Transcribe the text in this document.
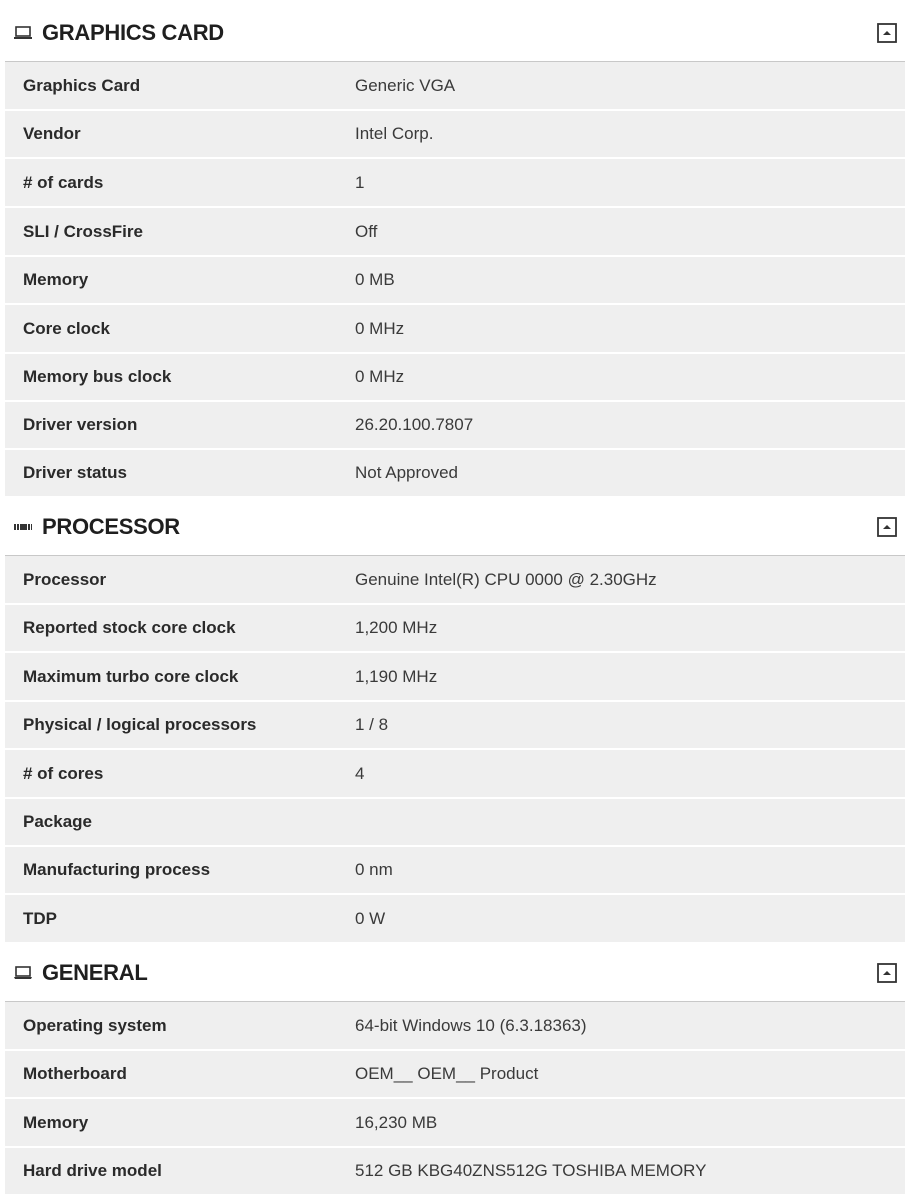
GRAPHICS CARD
Graphics Card	Generic VGA
Vendor	Intel Corp.
# of cards	1
SLI / CrossFire	Off
Memory	0 MB
Core clock	0 MHz
Memory bus clock	0 MHz
Driver version	26.20.100.7807
Driver status	Not Approved
PROCESSOR
Processor	Genuine Intel(R) CPU 0000 @ 2.30GHz
Reported stock core clock	1,200 MHz
Maximum turbo core clock	1,190 MHz
Physical / logical processors	1 / 8
# of cores	4
Package
Manufacturing process	0 nm
TDP	0 W
GENERAL
Operating system	64-bit Windows 10 (6.3.18363)
Motherboard	OEM__ OEM__ Product
Memory	16,230 MB
Hard drive model	512 GB KBG40ZNS512G TOSHIBA MEMORY
